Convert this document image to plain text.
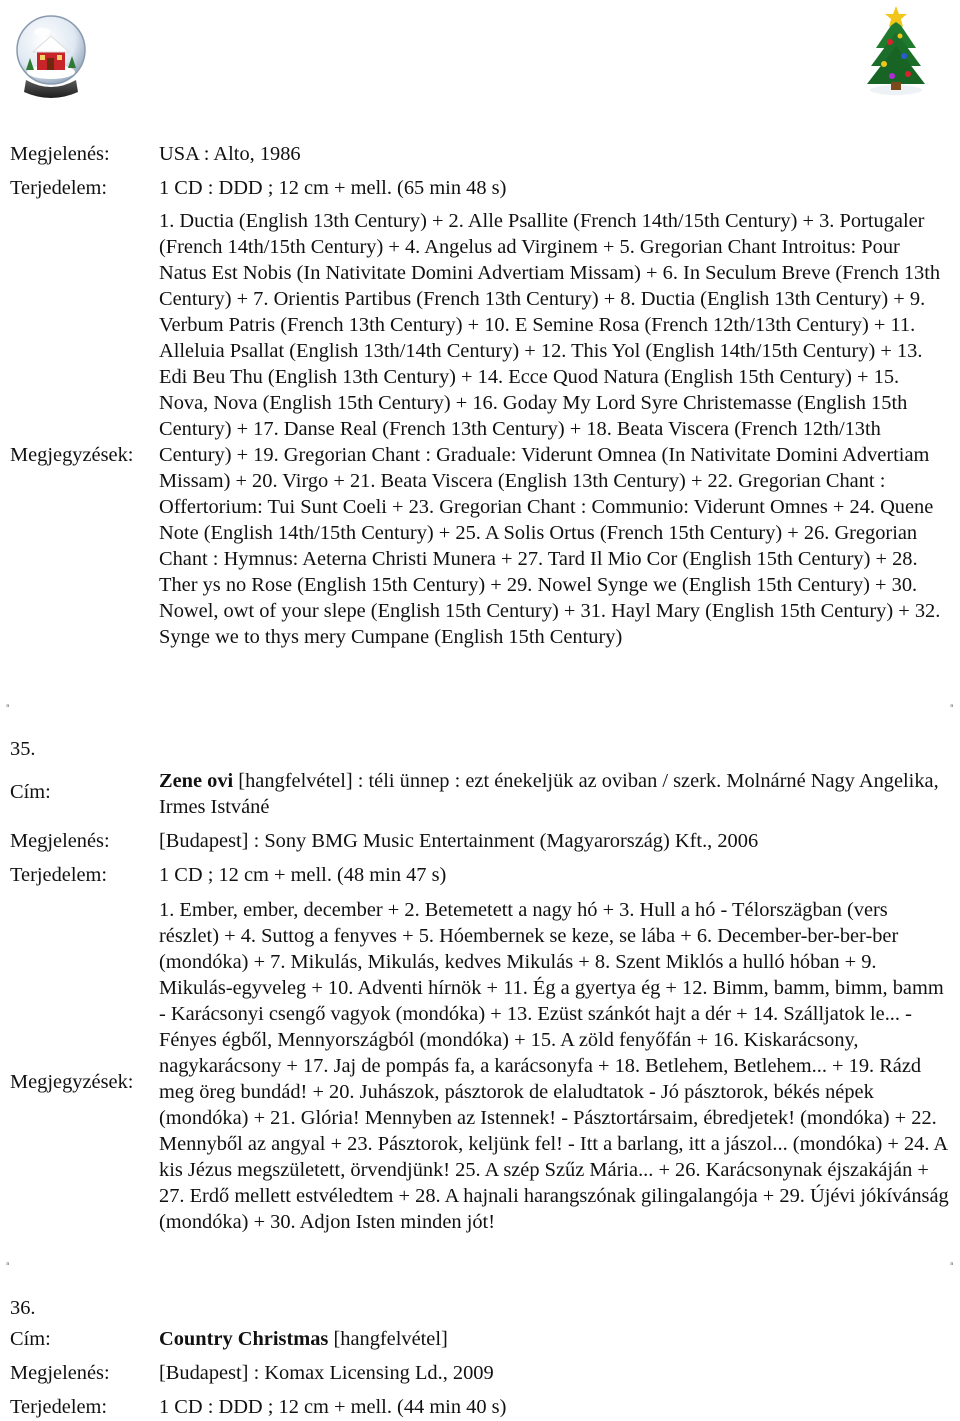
Megjelenés: USA : Alto, 1986
Terjedelem:	1 CD : DDD ; 12 cm + mell. (65 min 48 s)
Megjegyzések:
1. Ductia (English 13th Century) + 2. Alle Psallite (French 14th/15th Century) + 3. Portugaler (French 14th/15th Century) + 4. Angelus ad Virginem + 5. Gregorian Chant Introitus: Pour Natus Est Nobis (In Nativitate Domini Advertiam Missam) + 6. In Seculum Breve (French 13th Century) + 7. Orientis Partibus (French 13th Century) + 8. Ductia (English 13th Century) + 9. Verbum Patris (French 13th Century) + 10. E Semine Rosa (French 12th/13th Century) + 11. Alleluia Psallat (English 13th/14th Century) + 12. This Yol (English 14th/15th Century) + 13. Edi Beu Thu (English 13th Century) + 14. Ecce Quod Natura (English 15th Century) + 15. Nova, Nova (English 15th Century) + 16. Goday My Lord Syre Christemasse (English 15th Century) + 17. Danse Real (French 13th Century) + 18. Beata Viscera (French 12th/13th Century) + 19. Gregorian Chant : Graduale: Viderunt Omnea (In Nativitate Domini Advertiam Missam) + 20. Virgo + 21. Beata Viscera (English 13th Century) + 22. Gregorian Chant : Offertorium: Tui Sunt Coeli + 23. Gregorian Chant : Communio: Viderunt Omnes + 24. Quene Note (English 14th/15th Century) + 25. A Solis Ortus (French 15th Century) + 26. Gregorian Chant : Hymnus: Aeterna Christi Munera + 27. Tard Il Mio Cor (English 15th Century) + 28. Ther ys no Rose (English 15th Century) + 29. Nowel Synge we (English 15th Century) + 30. Nowel, owt of your slepe (English 15th Century) + 31. Hayl Mary (English 15th Century) + 32. Synge we to thys mery Cumpane (English 15th Century)
ᵃ	ᵃ
35.
Cím:	Zene ovi [hangfelvétel] : téli ünnep : ezt énekeljük az oviban / szerk. Molnárné Nagy Angelika, Irmes Istváné
Megjelenés: [Budapest] : Sony BMG Music Entertainment (Magyarország) Kft., 2006
Terjedelem:	1 CD ; 12 cm + mell. (48 min 47 s)
Megjegyzések:
1. Ember, ember, december + 2. Betemetett a nagy hó + 3. Hull a hó - Télorszägban (vers részlet) + 4. Suttog a fenyves + 5. Hóembernek se keze, se lába + 6. December-ber-ber-ber (mondóka) + 7. Mikulás, Mikulás, kedves Mikulás + 8. Szent Miklós a hulló hóban + 9. Mikulás-egyveleg + 10. Adventi hírnök + 11. Ég a gyertya ég + 12. Bimm, bamm, bimm, bamm - Karácsonyi csengő vagyok (mondóka) + 13. Ezüst szánkót hajt a dér + 14. Szálljatok le... -Fényes égből, Mennyországból (mondóka) + 15. A zöld fenyőfán + 16. Kiskarácsony, nagykarácsony + 17. Jaj de pompás fa, a karácsonyfa + 18. Betlehem, Betlehem... + 19. Rázd meg öreg bundád! + 20. Juhászok, pásztorok de elaludtatok - Jó pásztorok, békés népek (mondóka) + 21. Glória! Mennyben az Istennek! - Pásztortársaim, ébredjetek! (mondóka) + 22. Mennyből az angyal + 23. Pásztorok, keljünk fel! - Itt a barlang, itt a jászol... (mondóka) + 24. A kis Jézus megszületett, örvendjünk! 25. A szép Szűz Mária... + 26. Karácsonynak éjszakáján + 27. Erdő mellett estvéledtem + 28. A hajnali harangszónak gilingalangója + 29. Újévi jókívánság (mondóka) + 30. Adjon Isten minden jót!
ᵃ	ᵃ
36.
Cím:	Country Christmas [hangfelvétel]
Megjelenés: [Budapest] : Komax Licensing Ld., 2009
Terjedelem:	1 CD : DDD ; 12 cm + mell. (44 min 40 s)
